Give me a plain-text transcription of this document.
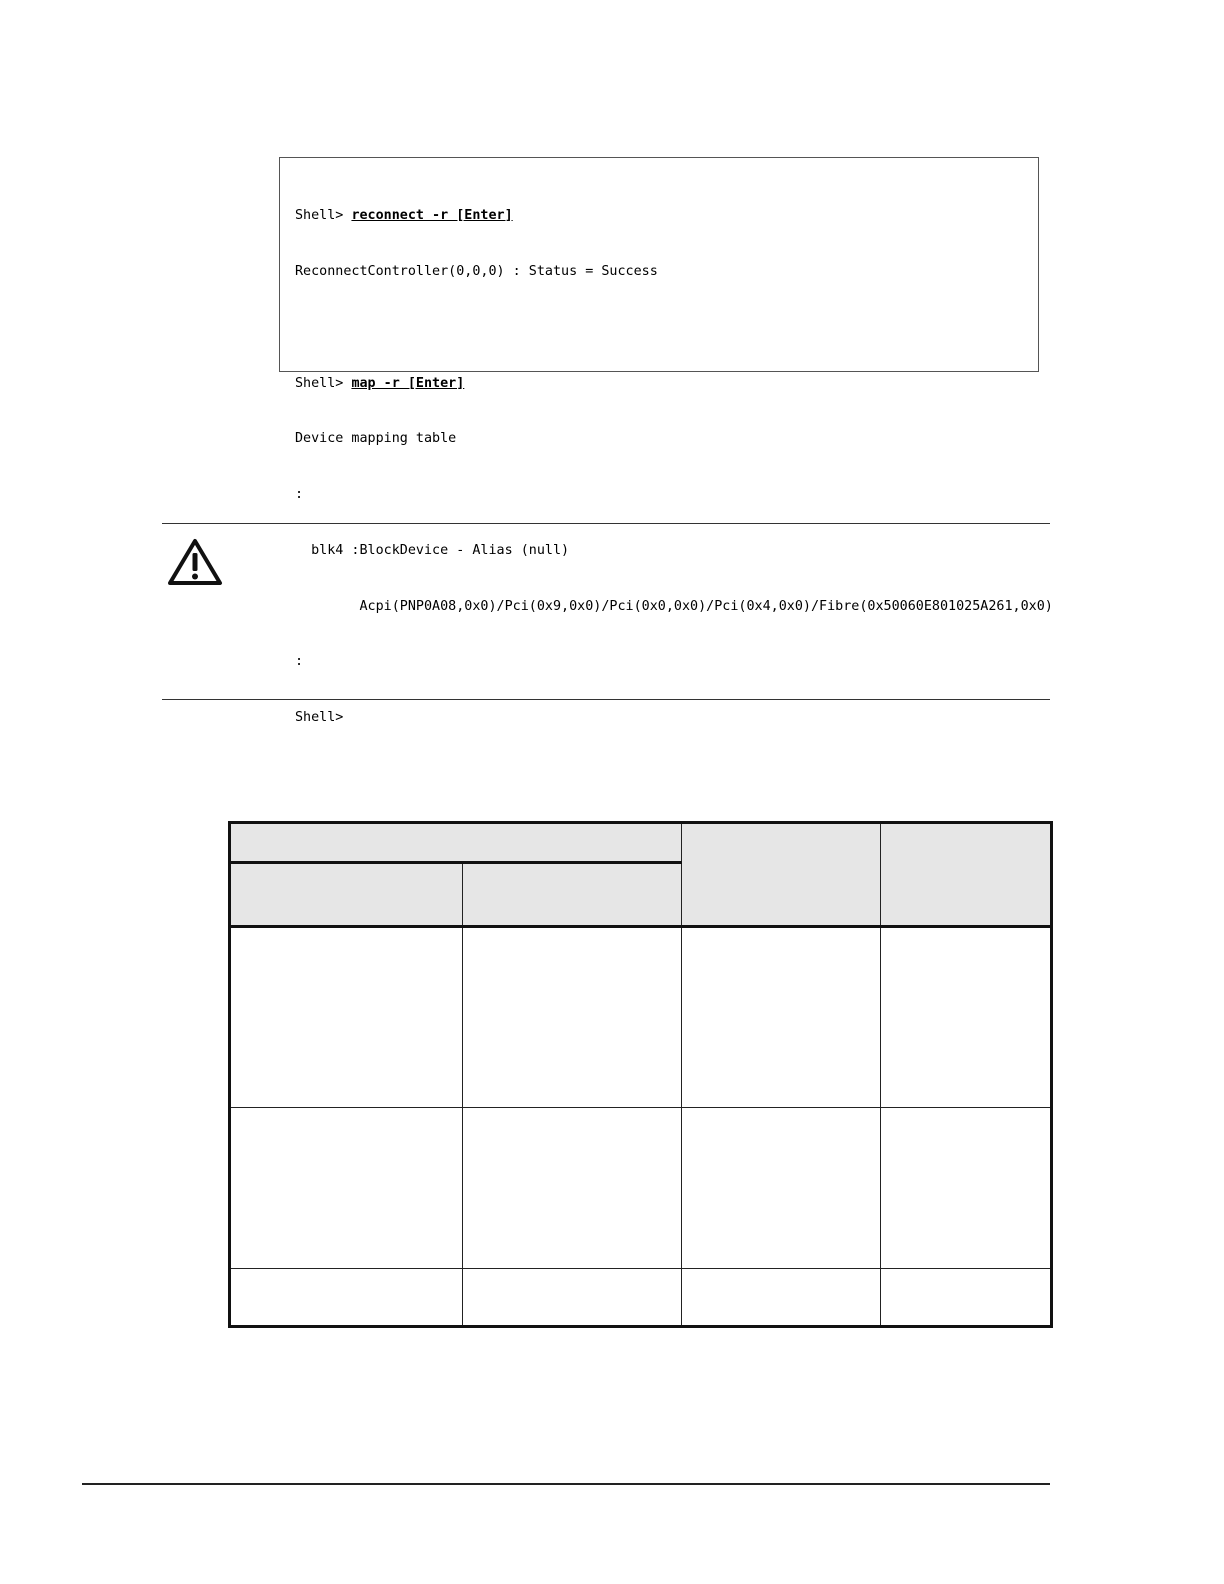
Shell> reconnect -r [Enter]

ReconnectController(0,0,0) : Status = Success

Shell> map -r [Enter]

Device mapping table

:

blk4 :BlockDevice - Alias (null)

Acpi(PNP0A08,0x0)/Pci(0x9,0x0)/Pci(0x0,0x0)/Pci(0x4,0x0)/Fibre(0x50060E801025A261,0x0)

:

Shell>
